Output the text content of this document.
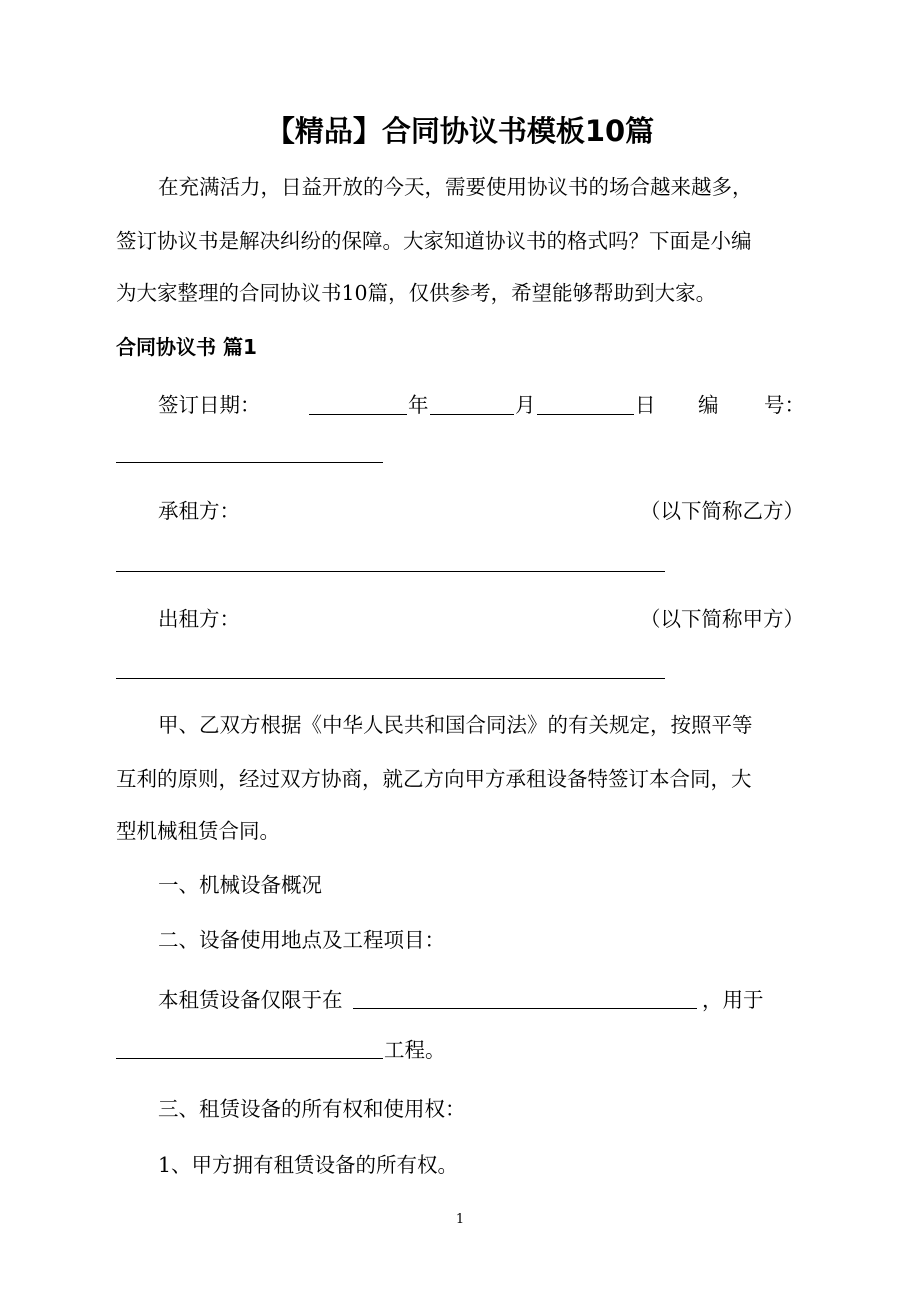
【精品】合同协议书模板10篇
在充满活力，日益开放的今天，需要使用协议书的场合越来越多，
签订协议书是解决纠纷的保障。大家知道协议书的格式吗？下面是小编
为大家整理的合同协议书10篇，仅供参考，希望能够帮助到大家。
合同协议书 篇1
签订日期：	年	月	日 编 号：
承租方：	（以下简称乙方）
出租方：	（以下简称甲方）
甲、乙双方根据《中华人民共和国合同法》的有关规定，按照平等
互利的原则，经过双方协商，就乙方向甲方承租设备特签订本合同，大
型机械租赁合同。
一、机械设备概况
二、设备使用地点及工程项目：
本租赁设备仅限于在	，用于
工程。
三、租赁设备的所有权和使用权：
1、甲方拥有租赁设备的所有权。
1
